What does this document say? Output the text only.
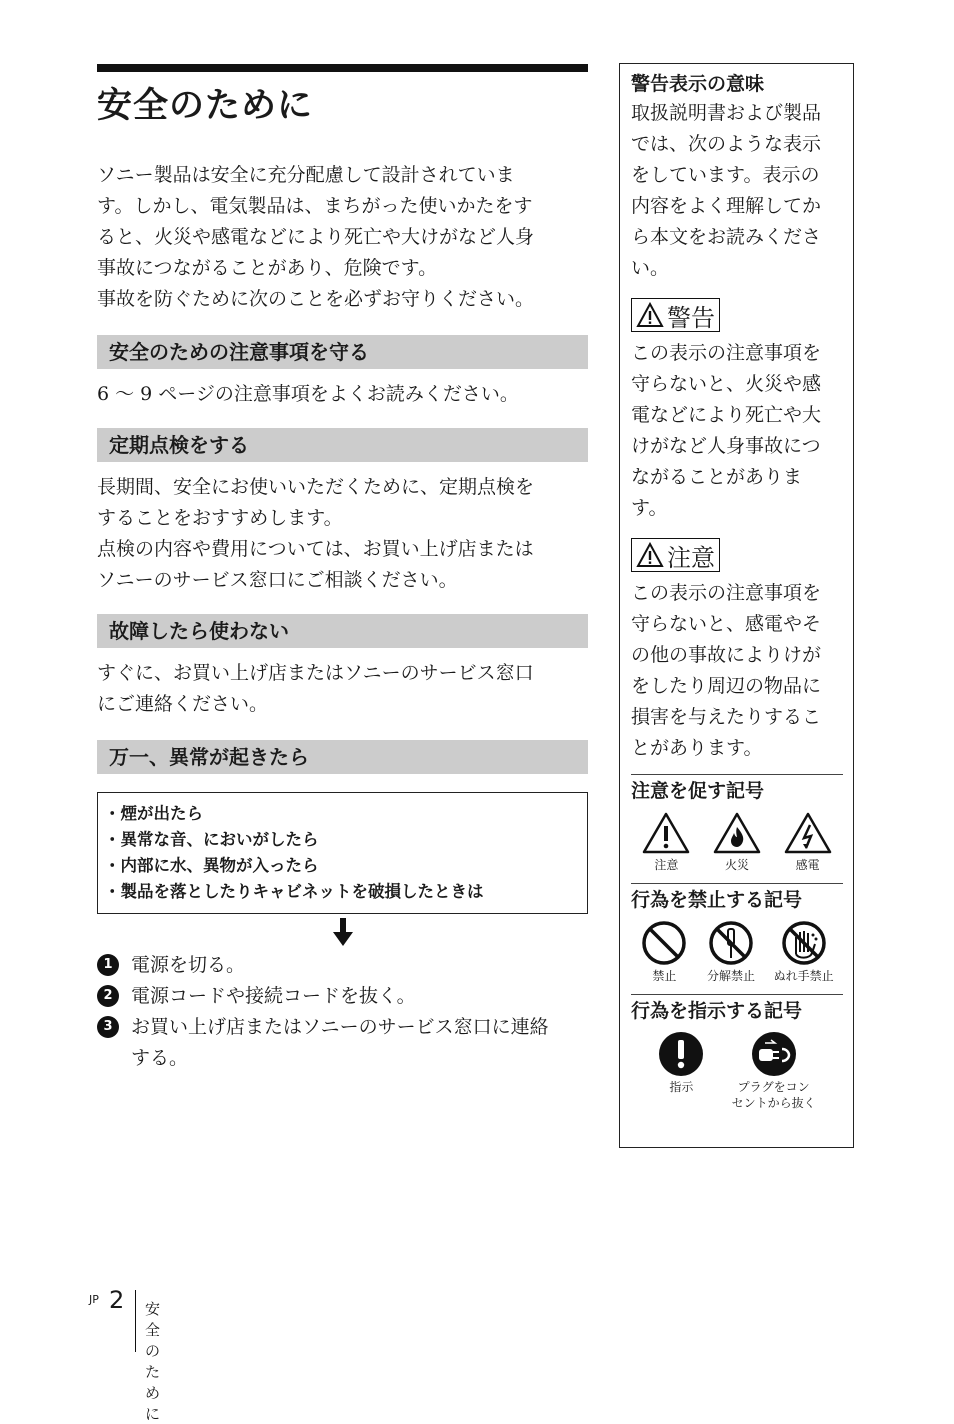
安全のために

ソニー製品は安全に充分配慮して設計されていま

す。しかし、電気製品は、まちがった使いかたをす

ると、火災や感電などにより死亡や大けがなど人身

事故につながることがあり、危険です。

事故を防ぐために次のことを必ずお守りください。

安全のための注意事項を守る

6 ～ 9 ページの注意事項をよくお読みください。

定期点検をする

長期間、安全にお使いいただくために、定期点検を

することをおすすめします。

点検の内容や費用については、お買い上げ店または

ソニーのサービス窓口にご相談ください。

故障したら使わない

すぐに、お買い上げ店またはソニーのサービス窓口

にご連絡ください。

万一、異常が起きたら
・煙が出たら
・異常な音、においがしたら
・内部に水、異物が入ったら
・製品を落としたりキャビネットを破損したときは
1 電源を切る。
2 電源コードや接続コードを抜く。
3 お買い上げ店またはソニーのサービス窓口に連絡
する。
警告表示の意味

取扱説明書および製品

では、次のような表示

をしています。表示の

内容をよく理解してか

ら本文をお読みくださ

い。

警告

この表示の注意事項を

守らないと、火災や感

電などにより死亡や大

けがなど人身事故につ

ながることがありま

す。

注意

この表示の注意事項を

守らないと、感電やそ

の他の事故によりけが

をしたり周辺の物品に

損害を与えたりするこ

とがあります。

注意を促す記号
注意	火災	感電
行為を禁止する記号
禁止	分解禁止 ぬれ手禁止
行為を指示する記号
指示	プラグをコン
セントから抜く
JP 2 安全のために
